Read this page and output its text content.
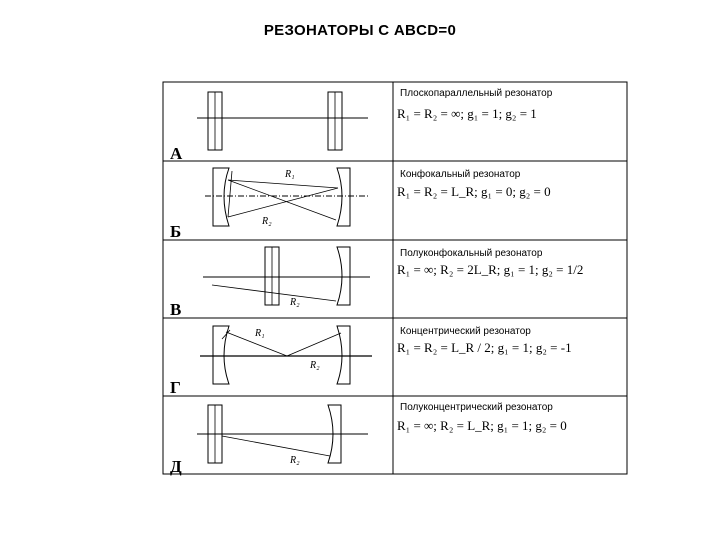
РЕЗОНАТОРЫ С ABCD=0
А
Плоскопараллельный резонатор
R₁ = R₂ = ∞; g₁ = 1; g₂ = 1
R₁
R₂
Б
Конфокальный резонатор
R₁ = R₂ = L_R; g₁ = 0; g₂ = 0
R₂
В
Полуконфокальный резонатор
R₁ = ∞; R₂ = 2L_R; g₁ = 1; g₂ = 1/2
R₁
R₂
Г
Концентрический резонатор
R₁ = R₂ = L_R / 2; g₁ = 1; g₂ = -1
R₂
Д
Полуконцентрический резонатор
R₁ = ∞; R₂ = L_R; g₁ = 1; g₂ = 0
